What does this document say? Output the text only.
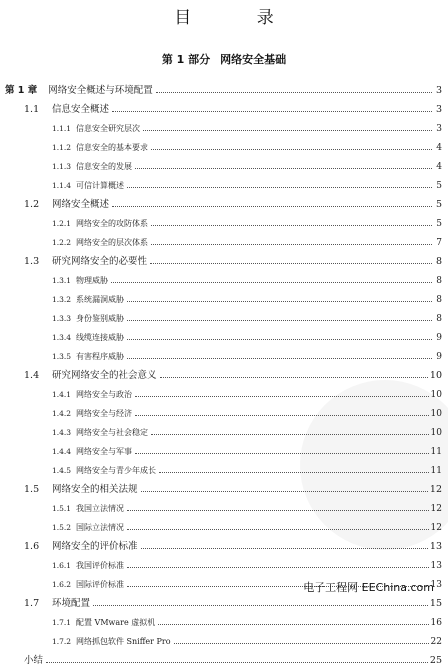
目 录
第 1 部分 网络安全基础
第 1 章 网络安全概述与环境配置	3
1.1 信息安全概述	3
1.1.1 信息安全研究层次	3
1.1.2 信息安全的基本要求	4
1.1.3 信息安全的发展	4
1.1.4 可信计算概述	5
1.2 网络安全概述	5
1.2.1 网络安全的攻防体系	5
1.2.2 网络安全的层次体系	7
1.3 研究网络安全的必要性	8
1.3.1 物理威胁	8
1.3.2 系统漏洞威胁	8
1.3.3 身份鉴别威胁	8
1.3.4 线缆连接威胁	9
1.3.5 有害程序威胁	9
1.4 研究网络安全的社会意义	10
1.4.1 网络安全与政治	10
1.4.2 网络安全与经济	10
1.4.3 网络安全与社会稳定	10
1.4.4 网络安全与军事	11
1.4.5 网络安全与青少年成长	11
1.5 网络安全的相关法规	12
1.5.1 我国立法情况	12
1.5.2 国际立法情况	12
1.6 网络安全的评价标准	13
1.6.1 我国评价标准	13
1.6.2 国际评价标准	13
1.7 环境配置	15
1.7.1 配置 VMware 虚拟机	16
1.7.2 网络抓包软件 Sniffer Pro	22
小结	25
电子工程网 EEChina.com
